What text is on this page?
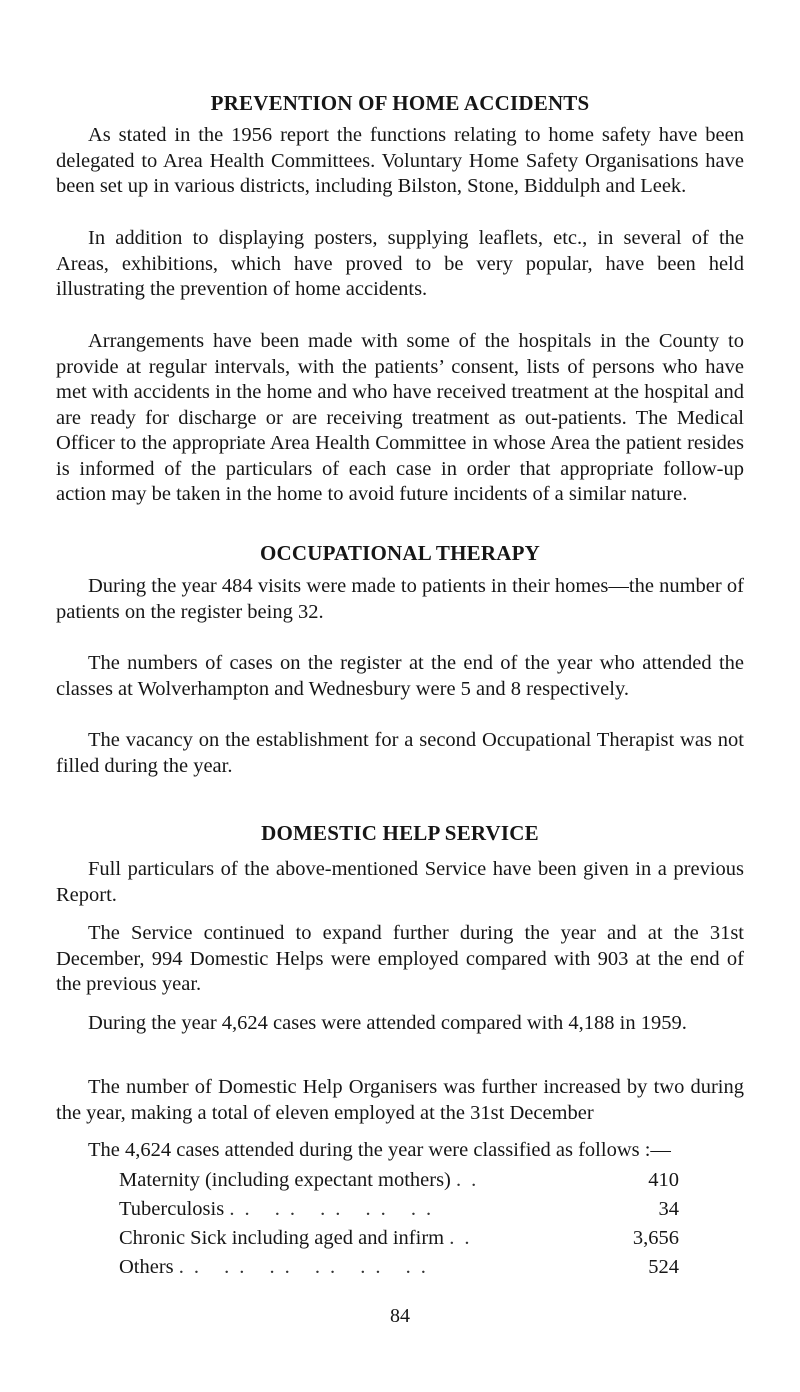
PREVENTION OF HOME ACCIDENTS

As stated in the 1956 report the functions relating to home safety have been delegated to Area Health Committees. Voluntary Home Safety Organisations have been set up in various districts, including Bilston, Stone, Biddulph and Leek.

In addition to displaying posters, supplying leaflets, etc., in several of the Areas, exhibitions, which have proved to be very popular, have been held illustrating the prevention of home accidents.

Arrangements have been made with some of the hospitals in the County to provide at regular intervals, with the patients’ consent, lists of persons who have met with accidents in the home and who have received treatment at the hospital and are ready for discharge or are receiving treatment as out-patients. The Medical Officer to the appropriate Area Health Committee in whose Area the patient resides is informed of the particulars of each case in order that appropriate follow-up action may be taken in the home to avoid future incidents of a similar nature.

OCCUPATIONAL THERAPY

During the year 484 visits were made to patients in their homes—the number of patients on the register being 32.

The numbers of cases on the register at the end of the year who attended the classes at Wolverhampton and Wednesbury were 5 and 8 respectively.

The vacancy on the establishment for a second Occupational Therapist was not filled during the year.

DOMESTIC HELP SERVICE

Full particulars of the above-mentioned Service have been given in a previous Report.

The Service continued to expand further during the year and at the 31st December, 994 Domestic Helps were employed compared with 903 at the end of the previous year.

During the year 4,624 cases were attended compared with 4,188 in 1959.

The number of Domestic Help Organisers was further increased by two during the year, making a total of eleven employed at the 31st December

The 4,624 cases attended during the year were classified as follows :—

Maternity (including expectant mothers) ..	410
Tuberculosis .. .. .. .. ..	34
Chronic Sick including aged and infirm ..	3,656
Others .. .. .. .. .. ..	524

84
